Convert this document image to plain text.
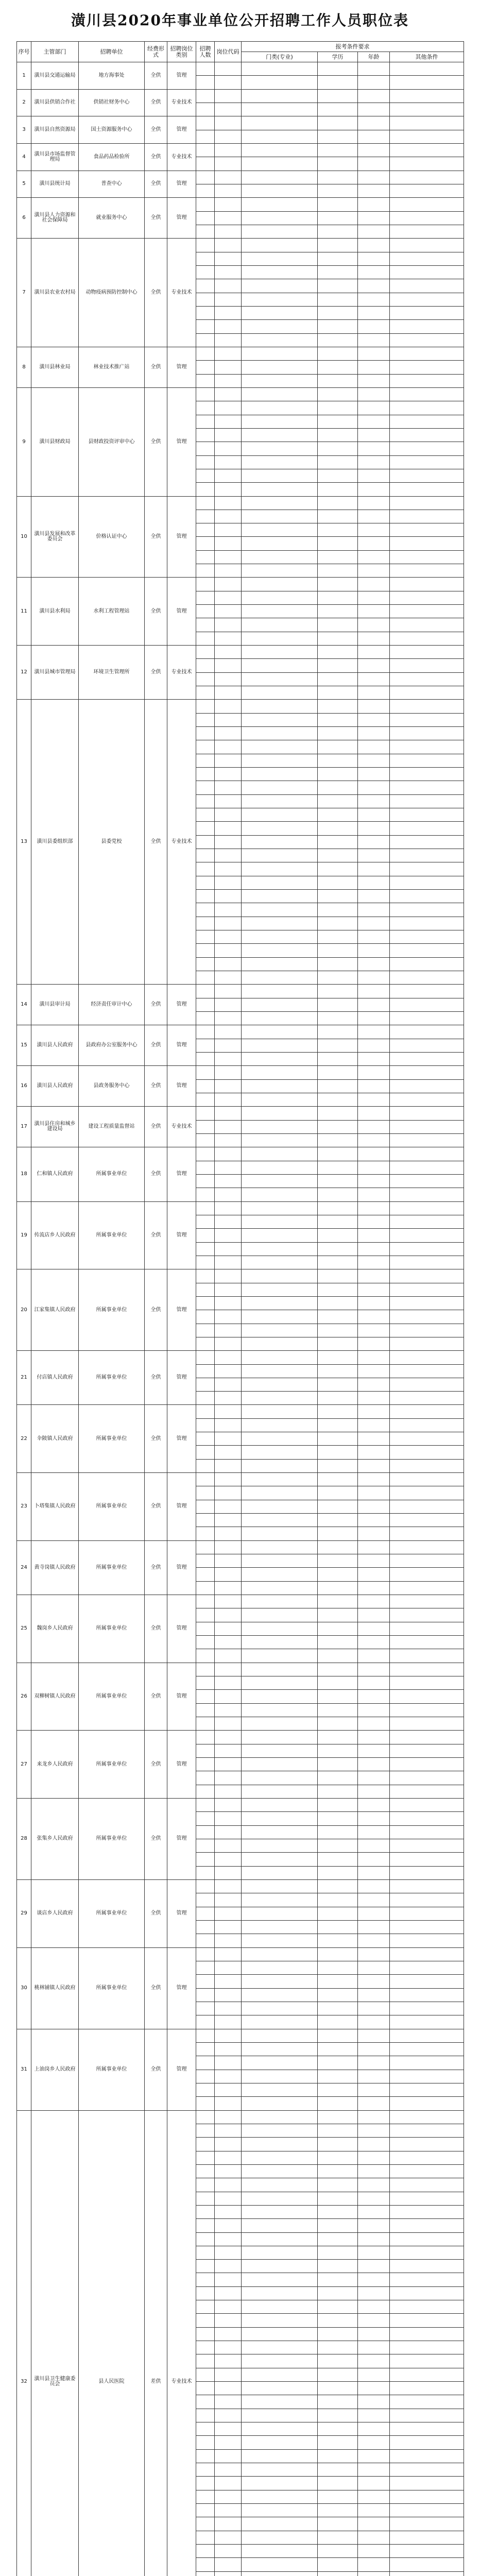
潢川县2020年事业单位公开招聘工作人员职位表
序号	主管部门	招聘单位	经费形式	招聘岗位类别	招聘人数	岗位代码	报考条件要求			
							门类(专业)	学历	年龄	其他条件
1	潢川县交通运输局	地方海事处	全供	管理						

2	潢川县供销合作社	供销社财务中心	全供	专业技术						

3	潢川县自然资源局	国土资源服务中心	全供	管理						

4	潢川县市场监督管理局	食品药品检验所	全供	专业技术						

5	潢川县统计局	普查中心	全供	管理						

6	潢川县人力资源和社会保障局	就业服务中心	全供	管理						

7	潢川县农业农村局	动物疫病预防控制中心	全供	专业技术						

8	潢川县林业局	林业技术推广站	全供	管理						

9	潢川县财政局	县财政投资评审中心	全供	管理						

10	潢川县发展和改革委员会	价格认证中心	全供	管理						

11	潢川县水利局	水利工程管理站	全供	管理						

12	潢川县城市管理局	环境卫生管理所	全供	专业技术						

13	潢川县委组织部	县委党校	全供	专业技术						

14	潢川县审计局	经济责任审计中心	全供	管理						

15	潢川县人民政府	县政府办公室服务中心	全供	管理						

16	潢川县人民政府	县政务服务中心	全供	管理						

17	潢川县住房和城乡建设局	建设工程质量监督站	全供	专业技术						

18	仁和镇人民政府	所属事业单位	全供	管理						

19	传流店乡人民政府	所属事业单位	全供	管理						

20	江家集镇人民政府	所属事业单位	全供	管理						

21	付店镇人民政府	所属事业单位	全供	管理						

22	伞陂镇人民政府	所属事业单位	全供	管理						

23	卜塔集镇人民政府	所属事业单位	全供	管理						

24	黄寺岗镇人民政府	所属事业单位	全供	管理						

25	魏岗乡人民政府	所属事业单位	全供	管理						

26	双柳树镇人民政府	所属事业单位	全供	管理						

27	来龙乡人民政府	所属事业单位	全供	管理						

28	张集乡人民政府	所属事业单位	全供	管理						

29	谈店乡人民政府	所属事业单位	全供	管理						

30	桃林铺镇人民政府	所属事业单位	全供	管理						

31	上油岗乡人民政府	所属事业单位	全供	管理						

32	潢川县卫生健康委员会	县人民医院	差供	专业技术						
